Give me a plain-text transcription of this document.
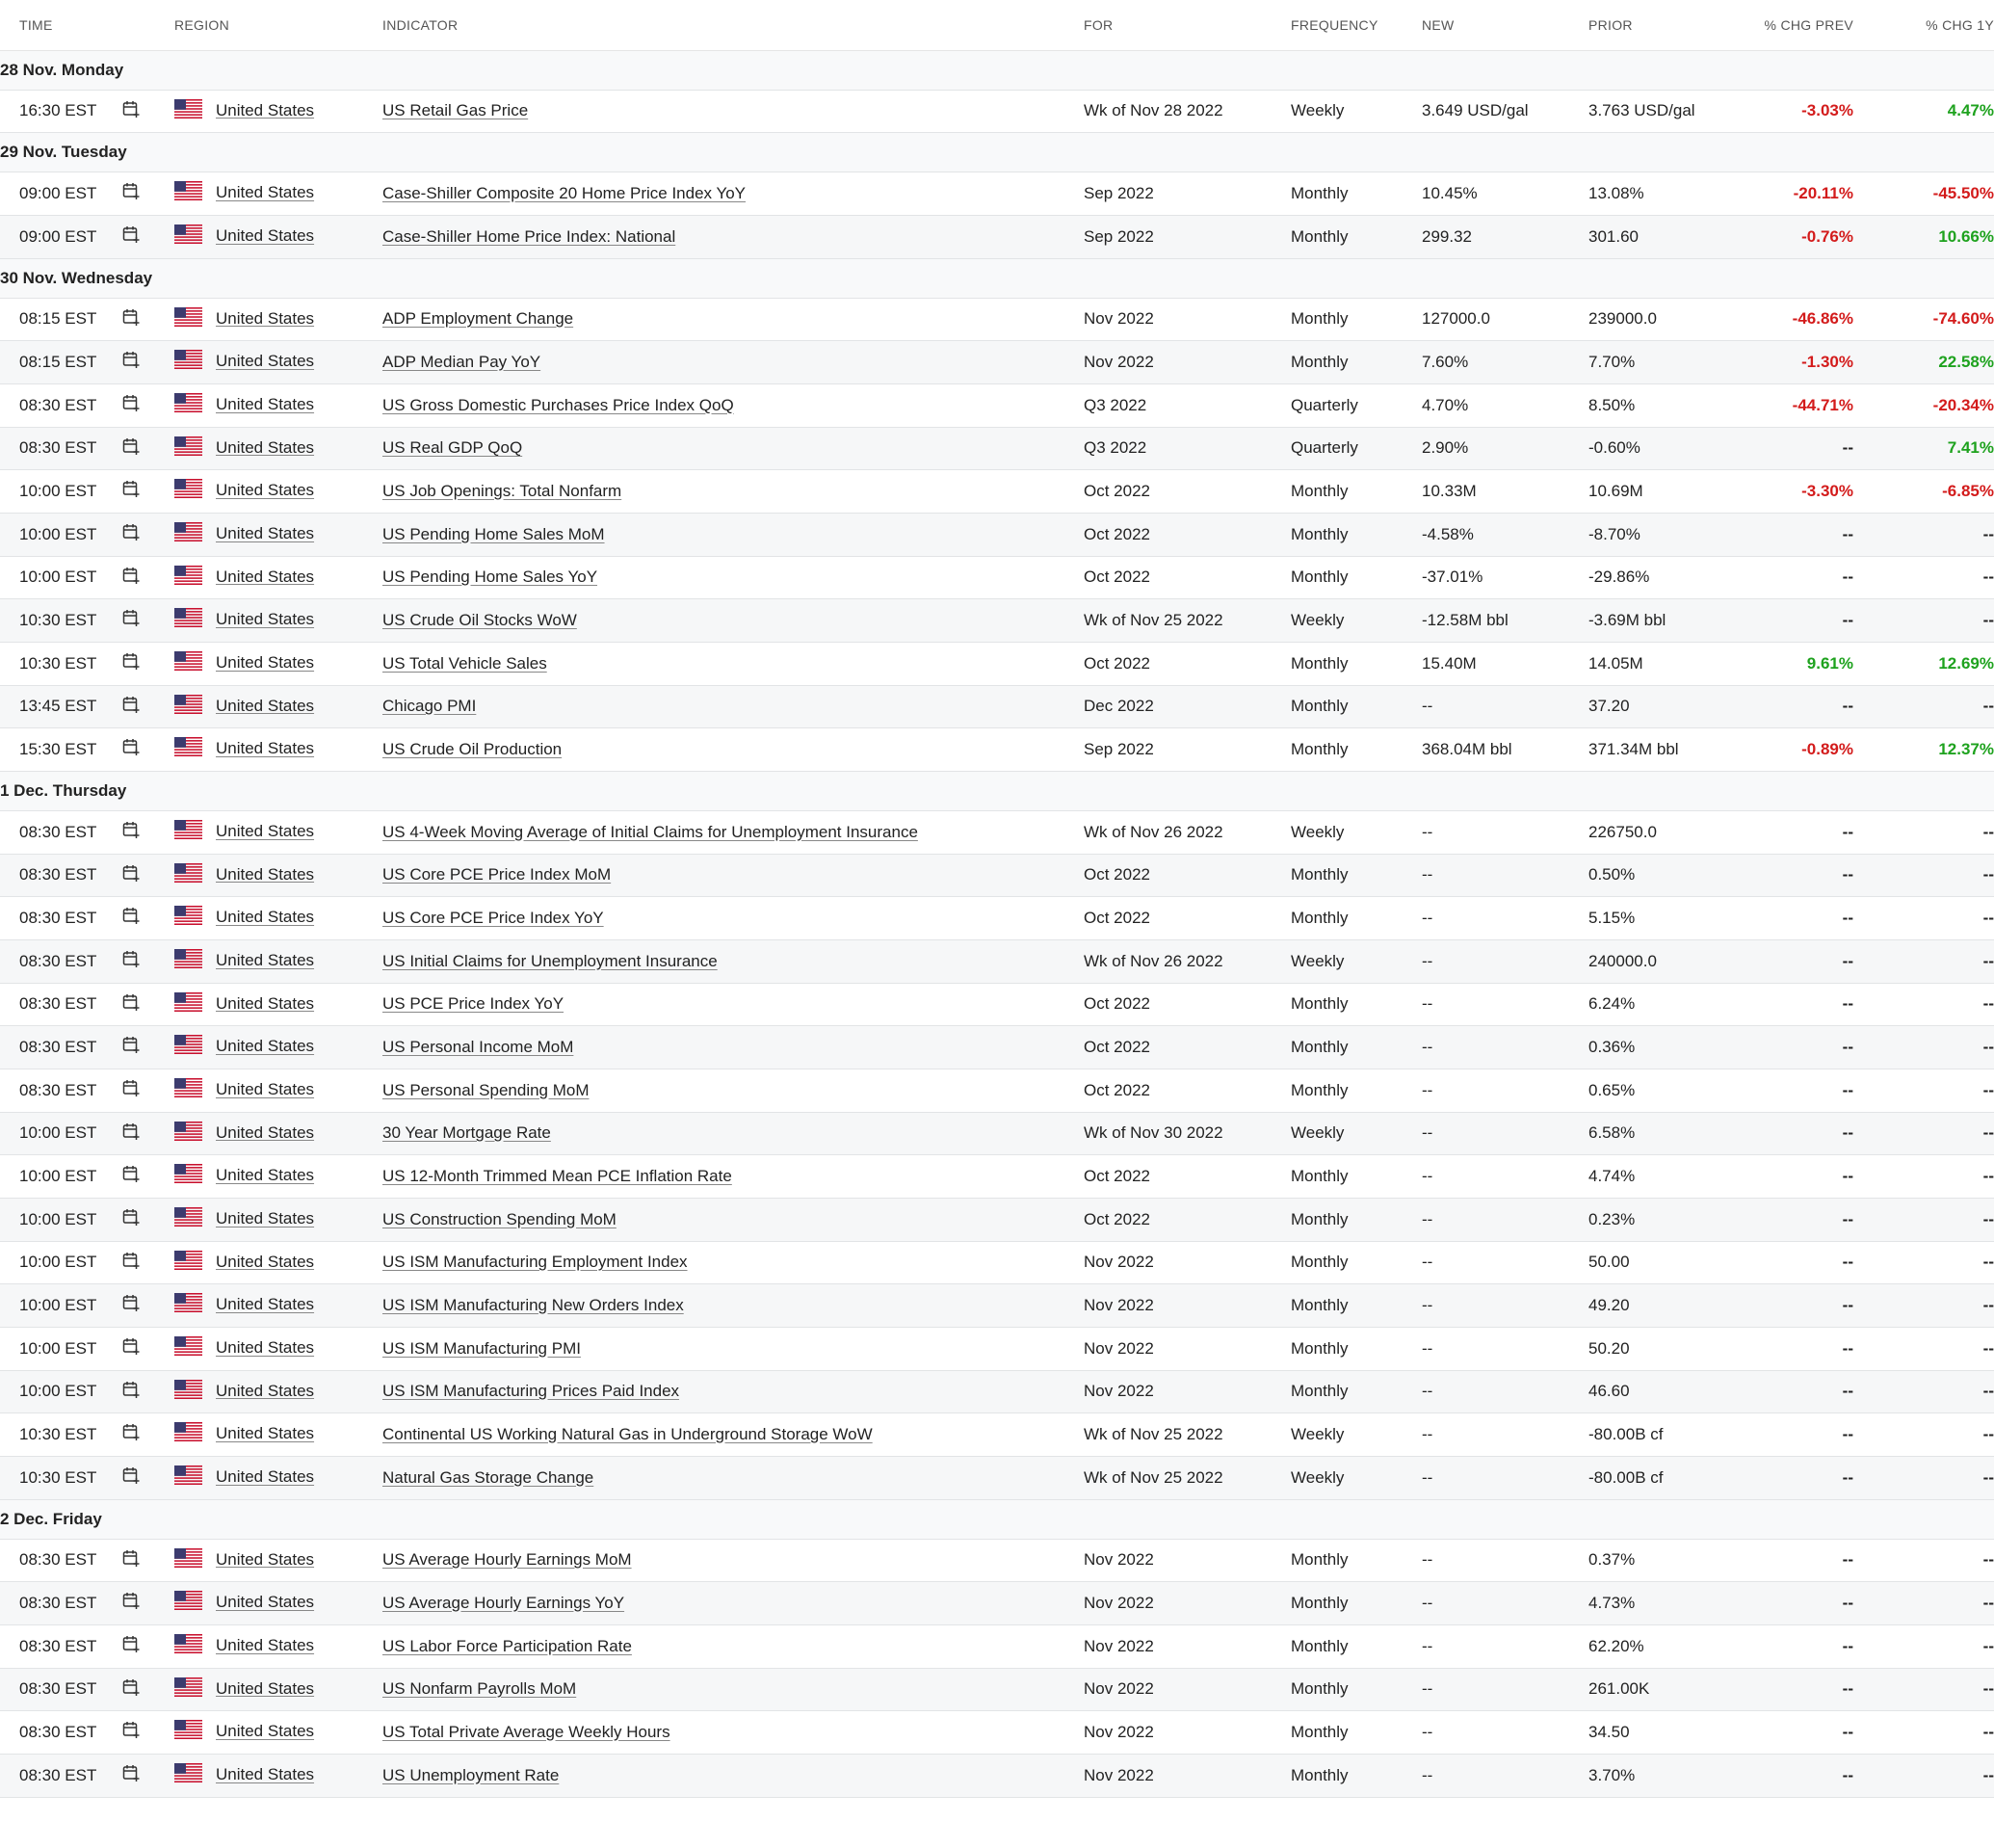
	TIME		REGION	INDICATOR	FOR	FREQUENCY	NEW	PRIOR	% CHG PREV	% CHG 1Y
28 Nov. Monday										
	16:30 EST		United States	US Retail Gas Price	Wk of Nov 28 2022	Weekly	3.649 USD/gal	3.763 USD/gal	-3.03%	4.47%
29 Nov. Tuesday										
	09:00 EST		United States	Case-Shiller Composite 20 Home Price Index YoY	Sep 2022	Monthly	10.45%	13.08%	-20.11%	-45.50%
	09:00 EST		United States	Case-Shiller Home Price Index: National	Sep 2022	Monthly	299.32	301.60	-0.76%	10.66%
30 Nov. Wednesday										
	08:15 EST		United States	ADP Employment Change	Nov 2022	Monthly	127000.0	239000.0	-46.86%	-74.60%
	08:15 EST		United States	ADP Median Pay YoY	Nov 2022	Monthly	7.60%	7.70%	-1.30%	22.58%
	08:30 EST		United States	US Gross Domestic Purchases Price Index QoQ	Q3 2022	Quarterly	4.70%	8.50%	-44.71%	-20.34%
	08:30 EST		United States	US Real GDP QoQ	Q3 2022	Quarterly	2.90%	-0.60%	--	7.41%
	10:00 EST		United States	US Job Openings: Total Nonfarm	Oct 2022	Monthly	10.33M	10.69M	-3.30%	-6.85%
	10:00 EST		United States	US Pending Home Sales MoM	Oct 2022	Monthly	-4.58%	-8.70%	--	--
	10:00 EST		United States	US Pending Home Sales YoY	Oct 2022	Monthly	-37.01%	-29.86%	--	--
	10:30 EST		United States	US Crude Oil Stocks WoW	Wk of Nov 25 2022	Weekly	-12.58M bbl	-3.69M bbl	--	--
	10:30 EST		United States	US Total Vehicle Sales	Oct 2022	Monthly	15.40M	14.05M	9.61%	12.69%
	13:45 EST		United States	Chicago PMI	Dec 2022	Monthly	--	37.20	--	--
	15:30 EST		United States	US Crude Oil Production	Sep 2022	Monthly	368.04M bbl	371.34M bbl	-0.89%	12.37%
1 Dec. Thursday										
	08:30 EST		United States	US 4-Week Moving Average of Initial Claims for Unemployment Insurance	Wk of Nov 26 2022	Weekly	--	226750.0	--	--
	08:30 EST		United States	US Core PCE Price Index MoM	Oct 2022	Monthly	--	0.50%	--	--
	08:30 EST		United States	US Core PCE Price Index YoY	Oct 2022	Monthly	--	5.15%	--	--
	08:30 EST		United States	US Initial Claims for Unemployment Insurance	Wk of Nov 26 2022	Weekly	--	240000.0	--	--
	08:30 EST		United States	US PCE Price Index YoY	Oct 2022	Monthly	--	6.24%	--	--
	08:30 EST		United States	US Personal Income MoM	Oct 2022	Monthly	--	0.36%	--	--
	08:30 EST		United States	US Personal Spending MoM	Oct 2022	Monthly	--	0.65%	--	--
	10:00 EST		United States	30 Year Mortgage Rate	Wk of Nov 30 2022	Weekly	--	6.58%	--	--
	10:00 EST		United States	US 12-Month Trimmed Mean PCE Inflation Rate	Oct 2022	Monthly	--	4.74%	--	--
	10:00 EST		United States	US Construction Spending MoM	Oct 2022	Monthly	--	0.23%	--	--
	10:00 EST		United States	US ISM Manufacturing Employment Index	Nov 2022	Monthly	--	50.00	--	--
	10:00 EST		United States	US ISM Manufacturing New Orders Index	Nov 2022	Monthly	--	49.20	--	--
	10:00 EST		United States	US ISM Manufacturing PMI	Nov 2022	Monthly	--	50.20	--	--
	10:00 EST		United States	US ISM Manufacturing Prices Paid Index	Nov 2022	Monthly	--	46.60	--	--
	10:30 EST		United States	Continental US Working Natural Gas in Underground Storage WoW	Wk of Nov 25 2022	Weekly	--	-80.00B cf	--	--
	10:30 EST		United States	Natural Gas Storage Change	Wk of Nov 25 2022	Weekly	--	-80.00B cf	--	--
2 Dec. Friday										
	08:30 EST		United States	US Average Hourly Earnings MoM	Nov 2022	Monthly	--	0.37%	--	--
	08:30 EST		United States	US Average Hourly Earnings YoY	Nov 2022	Monthly	--	4.73%	--	--
	08:30 EST		United States	US Labor Force Participation Rate	Nov 2022	Monthly	--	62.20%	--	--
	08:30 EST		United States	US Nonfarm Payrolls MoM	Nov 2022	Monthly	--	261.00K	--	--
	08:30 EST		United States	US Total Private Average Weekly Hours	Nov 2022	Monthly	--	34.50	--	--
	08:30 EST		United States	US Unemployment Rate	Nov 2022	Monthly	--	3.70%	--	--
